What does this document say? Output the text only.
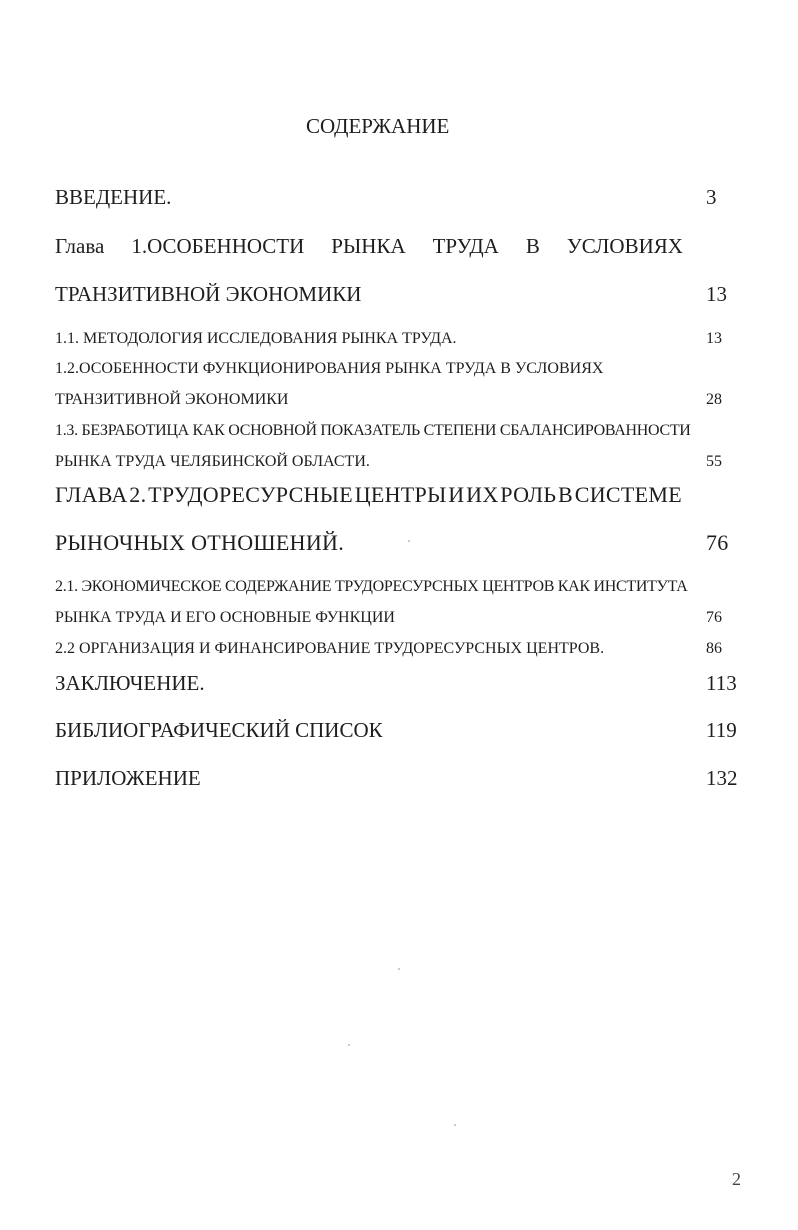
СОДЕРЖАНИЕ
ВВЕДЕНИЕ.	3
Глава 1.ОСОБЕННОСТИ РЫНКА ТРУДА В УСЛОВИЯХ
ТРАНЗИТИВНОЙ ЭКОНОМИКИ	13
1.1. МЕТОДОЛОГИЯ ИССЛЕДОВАНИЯ РЫНКА ТРУДА.	13
1.2.ОСОБЕННОСТИ ФУНКЦИОНИРОВАНИЯ РЫНКА ТРУДА В УСЛОВИЯХ
ТРАНЗИТИВНОЙ ЭКОНОМИКИ	28
1.3. БЕЗРАБОТИЦА КАК ОСНОВНОЙ ПОКАЗАТЕЛЬ СТЕПЕНИ СБАЛАНСИРОВАННОСТИ
РЫНКА ТРУДА ЧЕЛЯБИНСКОЙ ОБЛАСТИ.	55
ГЛАВА 2. ТРУДОРЕСУРСНЫЕ ЦЕНТРЫ И ИХ РОЛЬ В СИСТЕМЕ
РЫНОЧНЫХ ОТНОШЕНИЙ.	76
2.1. ЭКОНОМИЧЕСКОЕ СОДЕРЖАНИЕ ТРУДОРЕСУРСНЫХ ЦЕНТРОВ КАК ИНСТИТУТА
РЫНКА ТРУДА И ЕГО ОСНОВНЫЕ ФУНКЦИИ	76
2.2 ОРГАНИЗАЦИЯ И ФИНАНСИРОВАНИЕ ТРУДОРЕСУРСНЫХ ЦЕНТРОВ.	86
ЗАКЛЮЧЕНИЕ.	113
БИБЛИОГРАФИЧЕСКИЙ СПИСОК	119
ПРИЛОЖЕНИЕ	132
2
